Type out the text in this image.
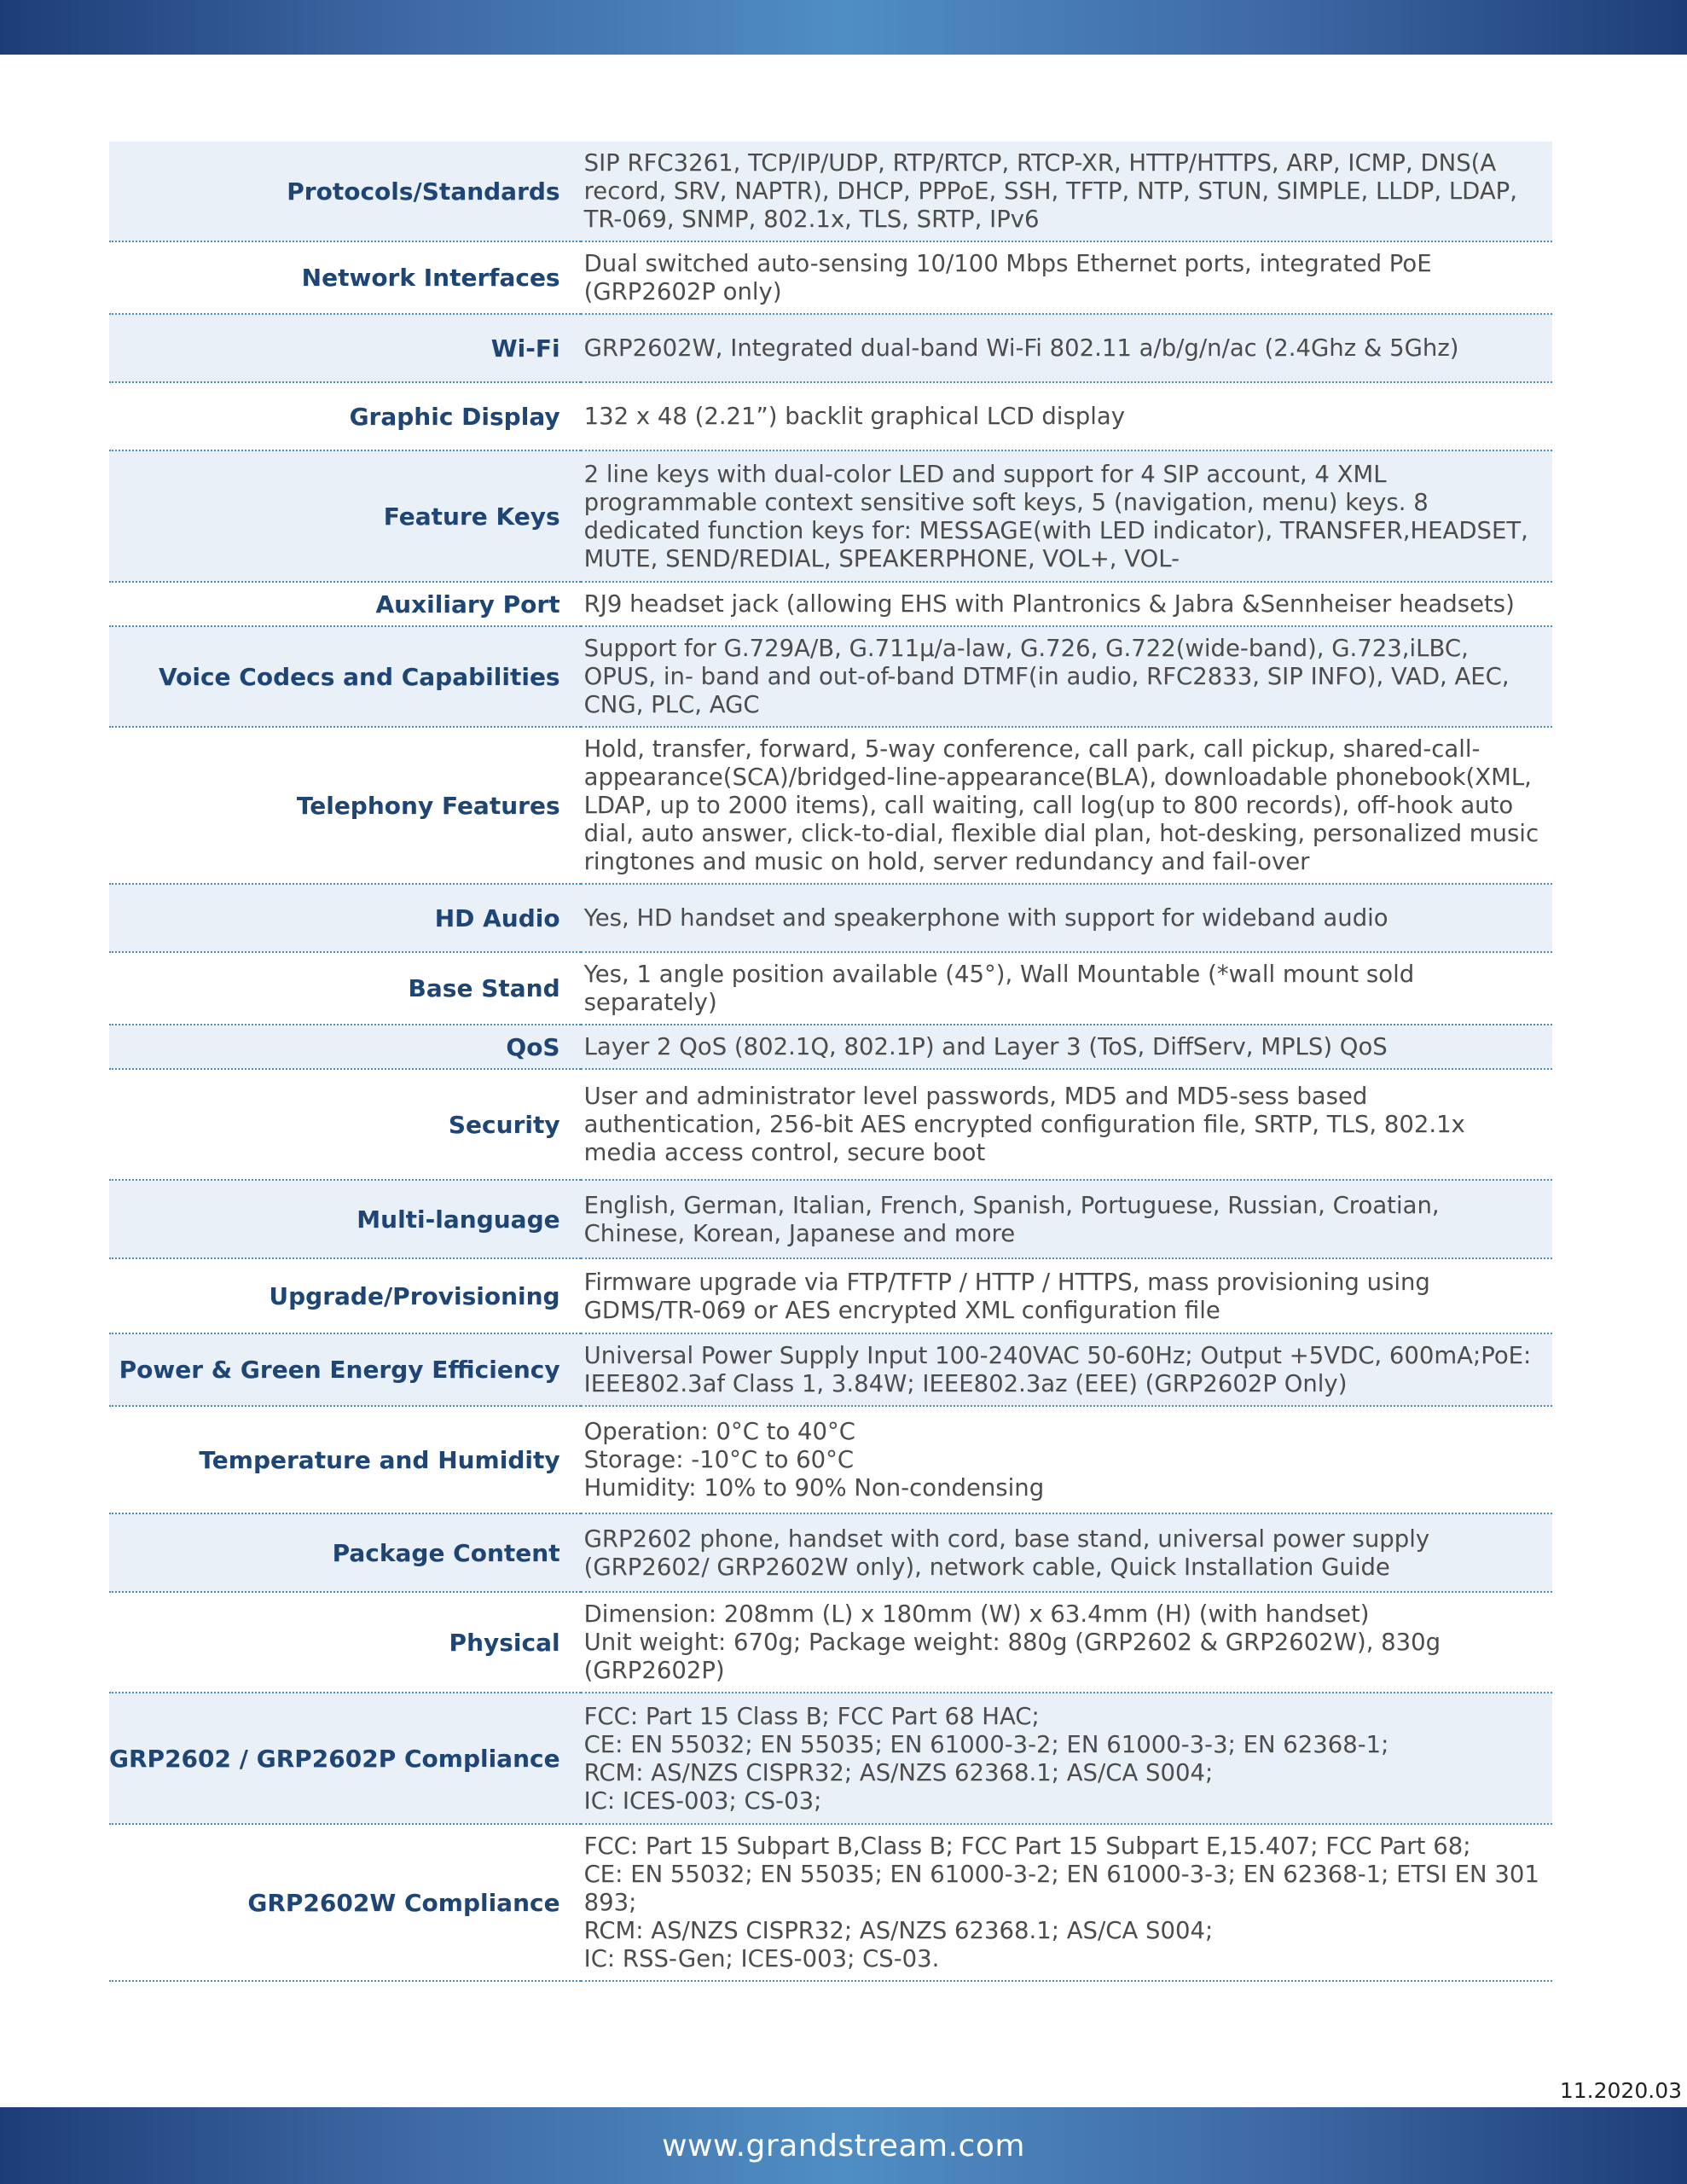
Protocols/Standards	SIP RFC3261, TCP/IP/UDP, RTP/RTCP, RTCP-XR, HTTP/HTTPS, ARP, ICMP, DNS(A record, SRV, NAPTR), DHCP, PPPoE, SSH, TFTP, NTP, STUN, SIMPLE, LLDP, LDAP, TR-069, SNMP, 802.1x, TLS, SRTP, IPv6

Network Interfaces	Dual switched auto-sensing 10/100 Mbps Ethernet ports, integrated PoE (GRP2602P only)

Wi-Fi	GRP2602W, Integrated dual-band Wi-Fi 802.11 a/b/g/n/ac (2.4Ghz & 5Ghz)

Graphic Display	132 x 48 (2.21”) backlit graphical LCD display

Feature Keys	2 line keys with dual-color LED and support for 4 SIP account, 4 XML programmable context sensitive soft keys, 5 (navigation, menu) keys. 8 dedicated function keys for: MESSAGE(with LED indicator), TRANSFER,HEADSET, MUTE, SEND/REDIAL, SPEAKERPHONE, VOL+, VOL-

Auxiliary Port	RJ9 headset jack (allowing EHS with Plantronics & Jabra &Sennheiser headsets)

Voice Codecs and Capabilities	Support for G.729A/B, G.711µ/a-law, G.726, G.722(wide-band), G.723,iLBC, OPUS, in- band and out-of-band DTMF(in audio, RFC2833, SIP INFO), VAD, AEC, CNG, PLC, AGC

Telephony Features	Hold, transfer, forward, 5-way conference, call park, call pickup, shared-call-appearance(SCA)/bridged-line-appearance(BLA), downloadable phonebook(XML, LDAP, up to 2000 items), call waiting, call log(up to 800 records), off-hook auto dial, auto answer, click-to-dial, flexible dial plan, hot-desking, personalized music ringtones and music on hold, server redundancy and fail-over

HD Audio	Yes, HD handset and speakerphone with support for wideband audio

Base Stand	Yes, 1 angle position available (45°), Wall Mountable (*wall mount sold separately)

QoS	Layer 2 QoS (802.1Q, 802.1P) and Layer 3 (ToS, DiffServ, MPLS) QoS

Security	User and administrator level passwords, MD5 and MD5-sess based authentication, 256-bit AES encrypted configuration file, SRTP, TLS, 802.1x media access control, secure boot

Multi-language	English, German, Italian, French, Spanish, Portuguese, Russian, Croatian, Chinese, Korean, Japanese and more

Upgrade/Provisioning	Firmware upgrade via FTP/TFTP / HTTP / HTTPS, mass provisioning using GDMS/TR-069 or AES encrypted XML configuration file

Power & Green Energy Efficiency	Universal Power Supply Input 100-240VAC 50-60Hz; Output +5VDC, 600mA;PoE: IEEE802.3af Class 1, 3.84W; IEEE802.3az (EEE) (GRP2602P Only)

Temperature and Humidity	Operation: 0°C to 40°C
Storage: -10°C to 60°C
Humidity: 10% to 90% Non-condensing

Package Content	GRP2602 phone, handset with cord, base stand, universal power supply (GRP2602/ GRP2602W only), network cable, Quick Installation Guide

Physical	Dimension: 208mm (L) x 180mm (W) x 63.4mm (H) (with handset)
Unit weight: 670g; Package weight: 880g (GRP2602 & GRP2602W), 830g (GRP2602P)

GRP2602 / GRP2602P Compliance	FCC: Part 15 Class B; FCC Part 68 HAC;
CE: EN 55032; EN 55035; EN 61000-3-2; EN 61000-3-3; EN 62368-1;
RCM: AS/NZS CISPR32; AS/NZS 62368.1; AS/CA S004;
IC: ICES-003; CS-03;

GRP2602W Compliance	FCC: Part 15 Subpart B,Class B; FCC Part 15 Subpart E,15.407; FCC Part 68;
CE: EN 55032; EN 55035; EN 61000-3-2; EN 61000-3-3; EN 62368-1; ETSI EN 301 893;
RCM: AS/NZS CISPR32; AS/NZS 62368.1; AS/CA S004;
IC: RSS-Gen; ICES-003; CS-03.
11.2020.03
www.grandstream.com
